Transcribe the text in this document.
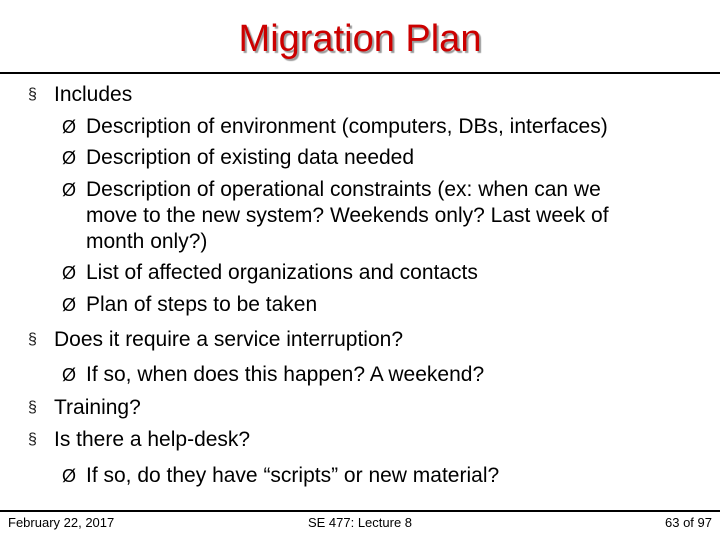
Migration Plan
§ Includes
Ø Description of environment (computers, DBs, interfaces)
Ø Description of existing data needed
Ø Description of operational constraints (ex: when can we
move to the new system? Weekends only? Last week of
month only?)
Ø List of affected organizations and contacts
Ø Plan of steps to be taken
§ Does it require a service interruption?
Ø If so, when does this happen? A weekend?
§ Training?
§ Is there a help-desk?
Ø If so, do they have “scripts” or new material?
February 22, 2017	SE 477: Lecture 8	63 of 97
